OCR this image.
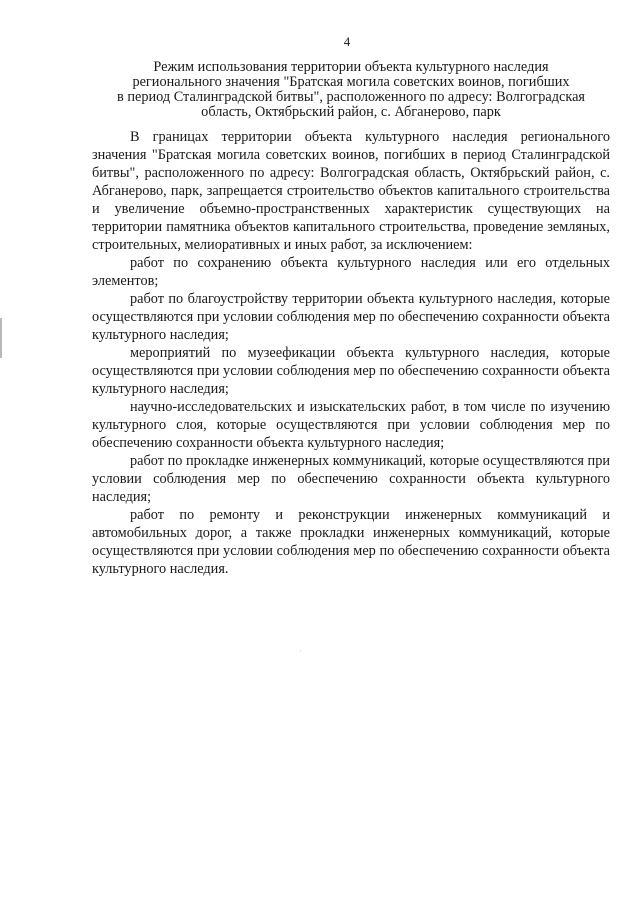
4
Режим использования территории объекта культурного наследия
регионального значения "Братская могила советских воинов, погибших
в период Сталинградской битвы", расположенного по адресу: Волгоградская
область, Октябрьский район, с. Абганерово, парк

В границах территории объекта культурного наследия регионального значения "Братская могила советских воинов, погибших в период Сталинградской битвы", расположенного по адресу: Волгоградская область, Октябрьский район, с. Абганерово, парк, запрещается строительство объектов капитального строительства и увеличение объемно-пространственных характеристик существующих на территории памятника объектов капитального строительства, проведение земляных, строительных, мелиоративных и иных работ, за исключением:

работ по сохранению объекта культурного наследия или его отдельных элементов;

работ по благоустройству территории объекта культурного наследия, которые осуществляются при условии соблюдения мер по обеспечению сохранности объекта культурного наследия;

мероприятий по музеефикации объекта культурного наследия, которые осуществляются при условии соблюдения мер по обеспечению сохранности объекта культурного наследия;

научно-исследовательских и изыскательских работ, в том числе по изучению культурного слоя, которые осуществляются при условии соблюдения мер по обеспечению сохранности объекта культурного наследия;

работ по прокладке инженерных коммуникаций, которые осуществляются при условии соблюдения мер по обеспечению сохранности объекта культурного наследия;

работ по ремонту и реконструкции инженерных коммуникаций и автомобильных дорог, а также прокладки инженерных коммуникаций, которые осуществляются при условии соблюдения мер по обеспечению сохранности объекта культурного наследия.
